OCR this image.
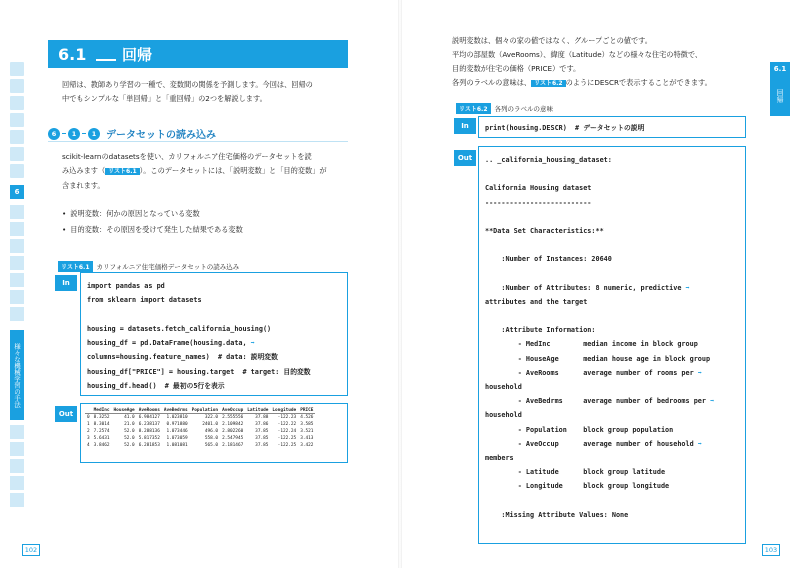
6
様々な機械学習の手法
102
6.1	回帰
回帰は、教師あり学習の一種で、変数間の関係を予測します。今回は、回帰の
中でもシンプルな「単回帰」と「重回帰」の2つを解説します。
6	1	1 データセットの読み込み
scikit-learnのdatasetsを使い、カリフォルニア住宅価格のデータセットを読
み込みます（ リスト6.1 ）。このデータセットには、「説明変数」と「目的変数」が
含まれます。
• 説明変数：何かの原因となっている変数
• 目的変数：その原因を受けて発生した結果である変数
リスト6.1	カリフォルニア住宅価格データセットの読み込み
In	import pandas as pd
from sklearn import datasets
housing = datasets.fetch_california_housing()
housing_df = pd.DataFrame(housing.data, ➡
columns=housing.feature_names)  # data: 説明変数
housing_df["PRICE"] = housing.target  # target: 目的変数
housing_df.head()  # 最初の5行を表示
Out
		MedInc	HouseAge	AveRooms	AveBedrms	Population	AveOccup	Latitude	Longitude	PRICE
0	8.3252	41.0	6.984127	1.023810	322.0	2.555556	37.88	-122.23	4.526
1	8.3014	21.0	6.238137	0.971880	2401.0	2.109842	37.86	-122.22	3.585
2	7.2574	52.0	8.288136	1.073446	496.0	2.802260	37.85	-122.24	3.521
3	5.6431	52.0	5.817352	1.073059	558.0	2.547945	37.85	-122.25	3.413
4	3.8462	52.0	6.281853	1.081081	565.0	2.181467	37.85	-122.25	3.422
6.1
回帰
103
説明変数は、個々の家の値ではなく、グループごとの値です。
平均の部屋数（AveRooms）、緯度（Latitude）などの様々な住宅の特徴で、
目的変数が住宅の価格（PRICE）です。
各列のラベルの意味は、 リスト6.2 のようにDESCRで表示することができます。
リスト6.2	各列のラベルの意味
In	print(housing.DESCR)  # データセットの説明
Out	.. _california_housing_dataset:
California Housing dataset
--------------------------
**Data Set Characteristics:**
:Number of Instances: 20640
:Number of Attributes: 8 numeric, predictive ➡
attributes and the target
:Attribute Information:
- MedInc        median income in block group
- HouseAge      median house age in block group
- AveRooms      average number of rooms per ➡
household
- AveBedrms     average number of bedrooms per ➡
household
- Population    block group population
- AveOccup      average number of household ➡
members
- Latitude      block group latitude
- Longitude     block group longitude
:Missing Attribute Values: None
